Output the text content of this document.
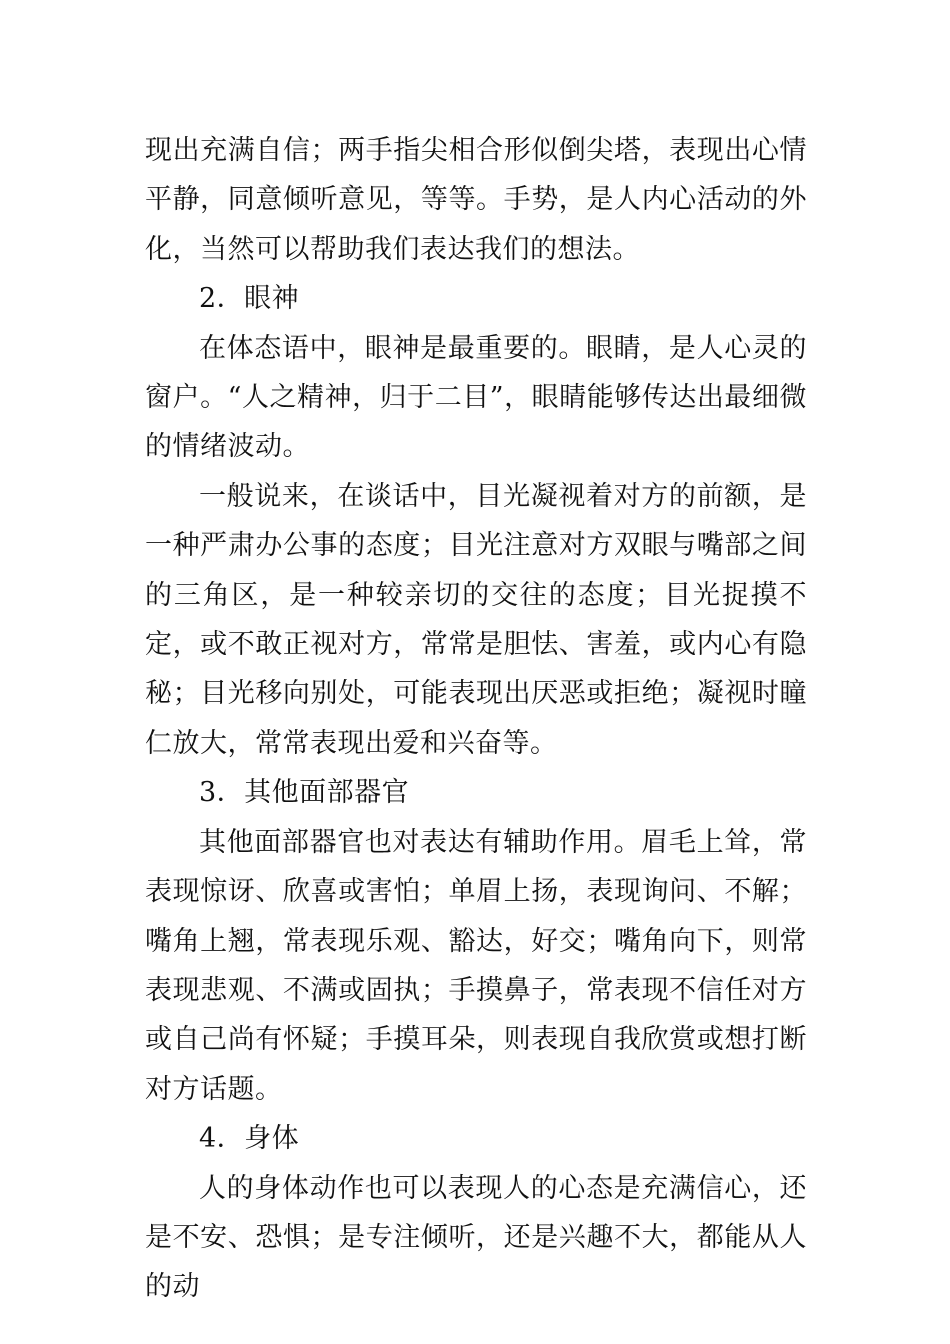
现出充满自信；两手指尖相合形似倒尖塔，表现出心情平静，同意倾听意见，等等。手势，是人内心活动的外化，当然可以帮助我们表达我们的想法。

2．眼神

在体态语中，眼神是最重要的。眼睛，是人心灵的窗户。“人之精神，归于二目”，眼睛能够传达出最细微的情绪波动。

一般说来，在谈话中，目光凝视着对方的前额，是一种严肃办公事的态度；目光注意对方双眼与嘴部之间的三角区，是一种较亲切的交往的态度；目光捉摸不定，或不敢正视对方，常常是胆怯、害羞，或内心有隐秘；目光移向别处，可能表现出厌恶或拒绝；凝视时瞳仁放大，常常表现出爱和兴奋等。

3．其他面部器官

其他面部器官也对表达有辅助作用。眉毛上耸，常表现惊讶、欣喜或害怕；单眉上扬，表现询问、不解；嘴角上翘，常表现乐观、豁达，好交；嘴角向下，则常表现悲观、不满或固执；手摸鼻子，常表现不信任对方或自己尚有怀疑；手摸耳朵，则表现自我欣赏或想打断对方话题。

4．身体

人的身体动作也可以表现人的心态是充满信心，还是不安、恐惧；是专注倾听，还是兴趣不大，都能从人的动
